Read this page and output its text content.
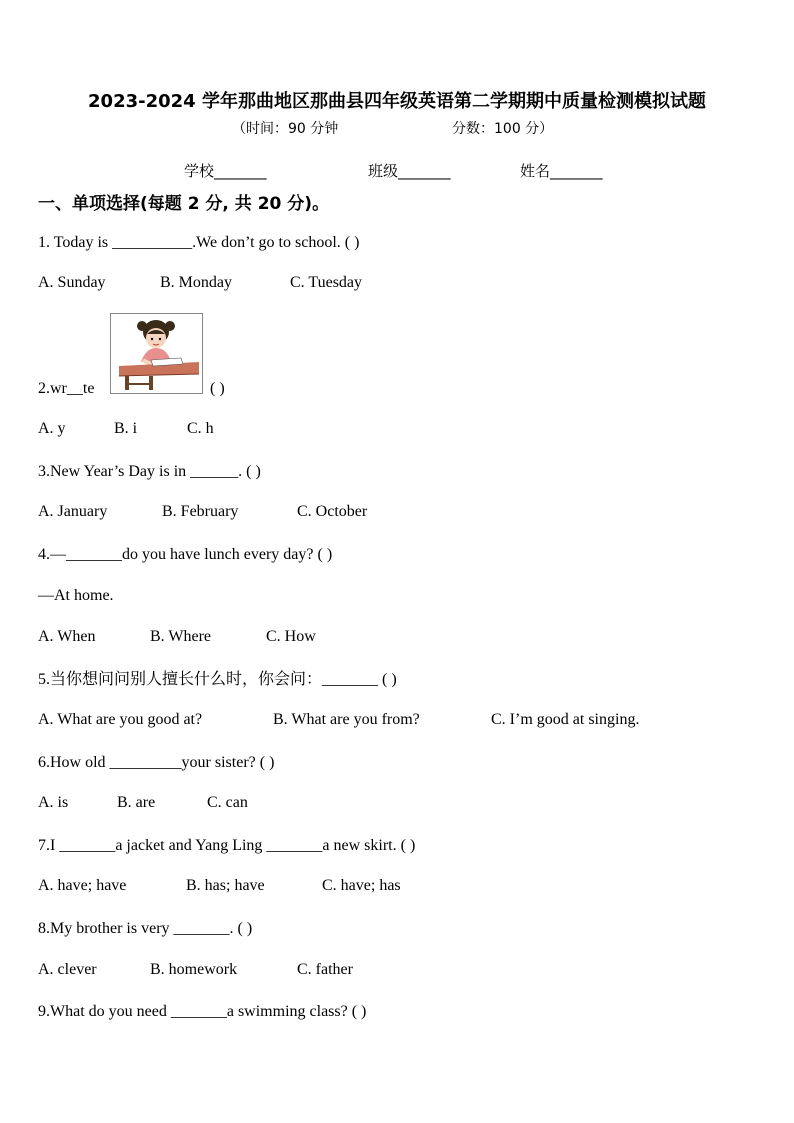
2023-2024 学年那曲地区那曲县四年级英语第二学期期中质量检测模拟试题
（时间：90 分钟	分数：100 分）
学校_______	班级_______	姓名_______
一、单项选择(每题 2 分, 共 20 分)。
1. Today is __________.We don’t go to school. ( )
A. Sunday	B. Monday	C. Tuesday
2.wr__te	( )
A. y	B. i	C. h
3.New Year’s Day is in ______. ( )
A. January	B. February	C. October
4.—_______do you have lunch every day? ( )
—At home.
A. When	B. Where	C. How
5.当你想问问别人擅长什么时，你会问：_______ ( )
A. What are you good at?	B. What are you from?	C. I’m good at singing.
6.How old _________your sister? ( )
A. is	B. are	C. can
7.I _______a jacket and Yang Ling _______a new skirt. ( )
A. have; have	B. has; have	C. have; has
8.My brother is very _______. ( )
A. clever	B. homework	C. father
9.What do you need _______a swimming class? ( )
